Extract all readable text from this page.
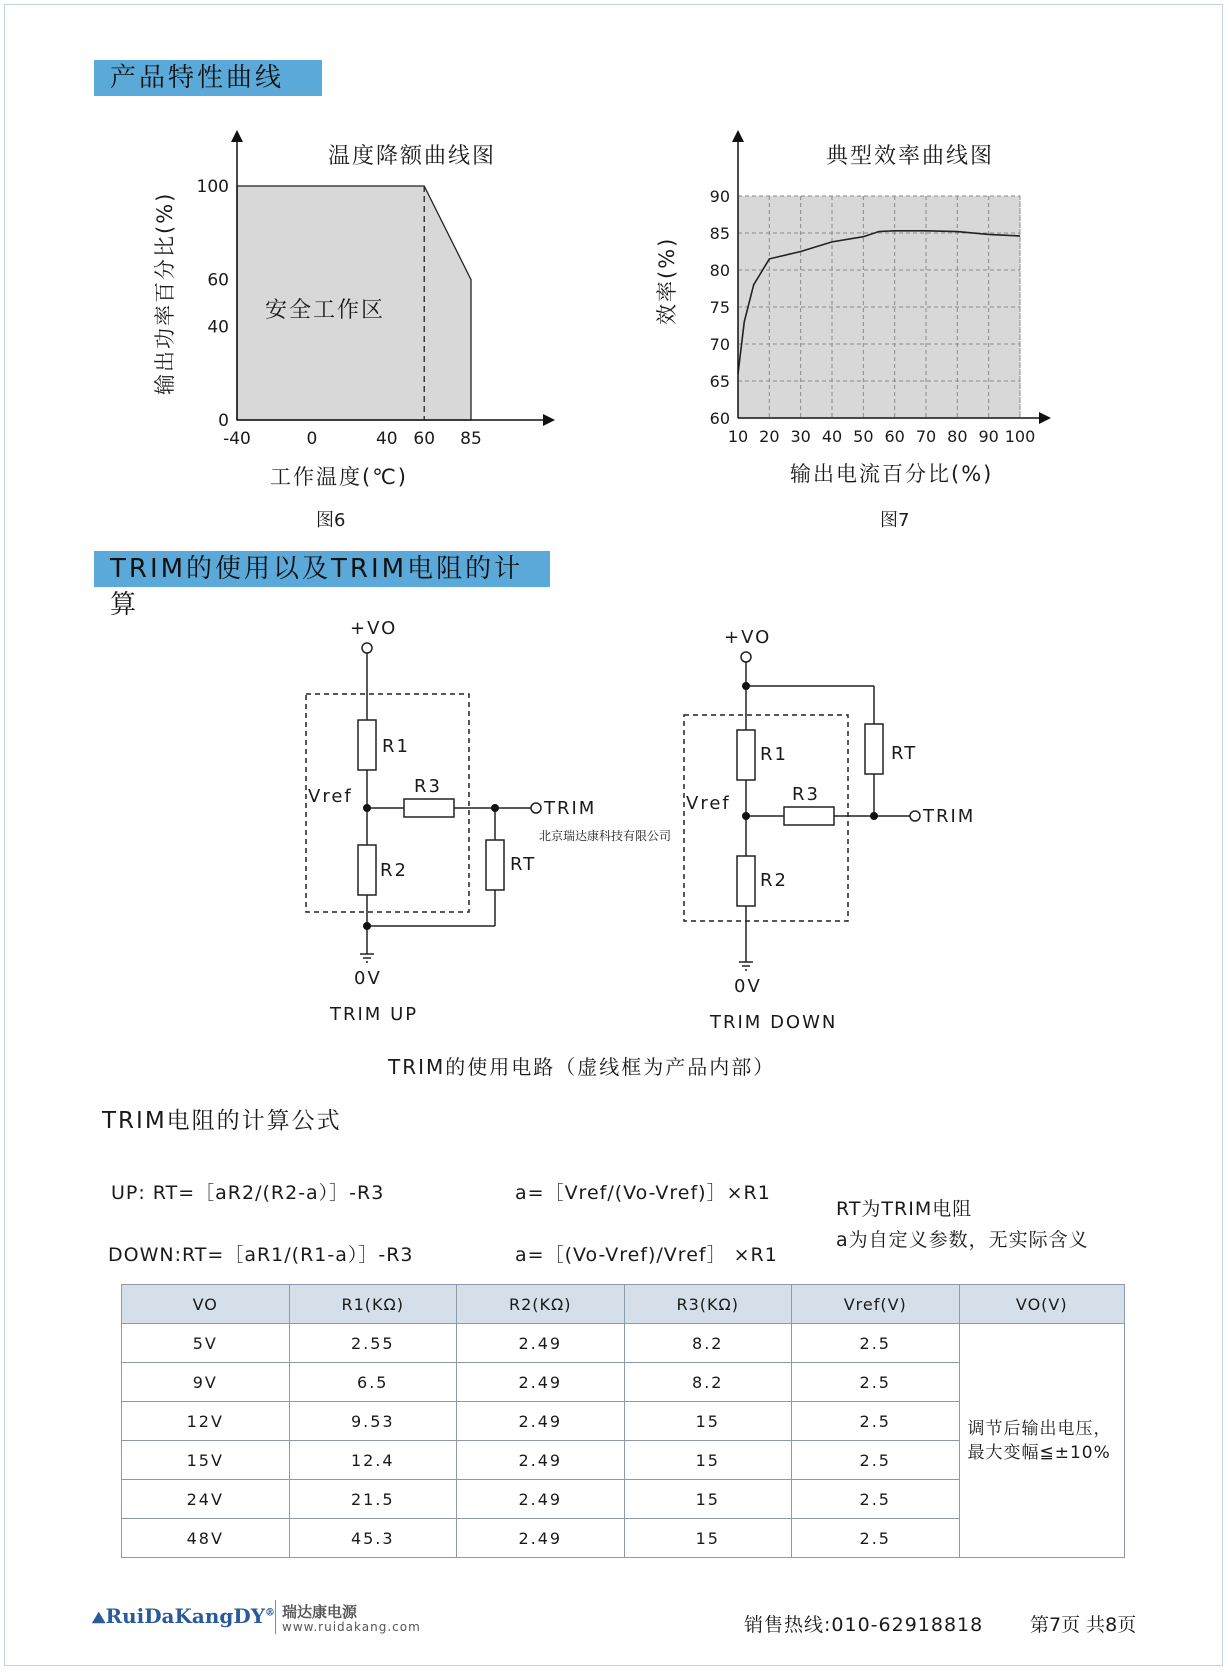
产品特性曲线
-40	0	40 60 85
0
40
60
100
10 20 30 40 50 60 70 80 90 100
60
65
70
75
80
85
90
温度降额曲线图	典型效率曲线图
工作温度(℃)	输出电流百分比(%)
输出功率百分比(%)	效率(%)
安全工作区
图6	图7
TRIM的使用以及TRIM电阻的计算
+VO
R1
R3
Vref
TRIM
RT
R2
0V
TRIM UP
+VO
RT
R1
R3
Vref
TRIM
R2
0V
TRIM DOWN
北京瑞达康科技有限公司
TRIM的使用电路（虚线框为产品内部）
TRIM电阻的计算公式
UP: RT=［aR2/(R2-a）］-R3	a=［Vref/(Vo-Vref)］×R1
DOWN:RT=［aR1/(R1-a）］-R3	a=［(Vo-Vref)/Vref］ ×R1
RT为TRIM电阻
a为自定义参数，无实际含义
VO	R1(KΩ)	R2(KΩ)	R3(KΩ)	Vref(V)	VO(V)
5V	2.55	2.49	8.2	2.5	调节后输出电压，
最大变幅≦±10%

9V	6.5	2.49	8.2	2.5	
12V	9.53	2.49	15	2.5	
15V	12.4	2.49	15	2.5	
24V	21.5	2.49	15	2.5	
48V	45.3	2.49	15	2.5	
⛰RuiDaKangDY® 瑞达康电源
www.ruidakang.com	销售热线:010-62918818 第7页 共8页
